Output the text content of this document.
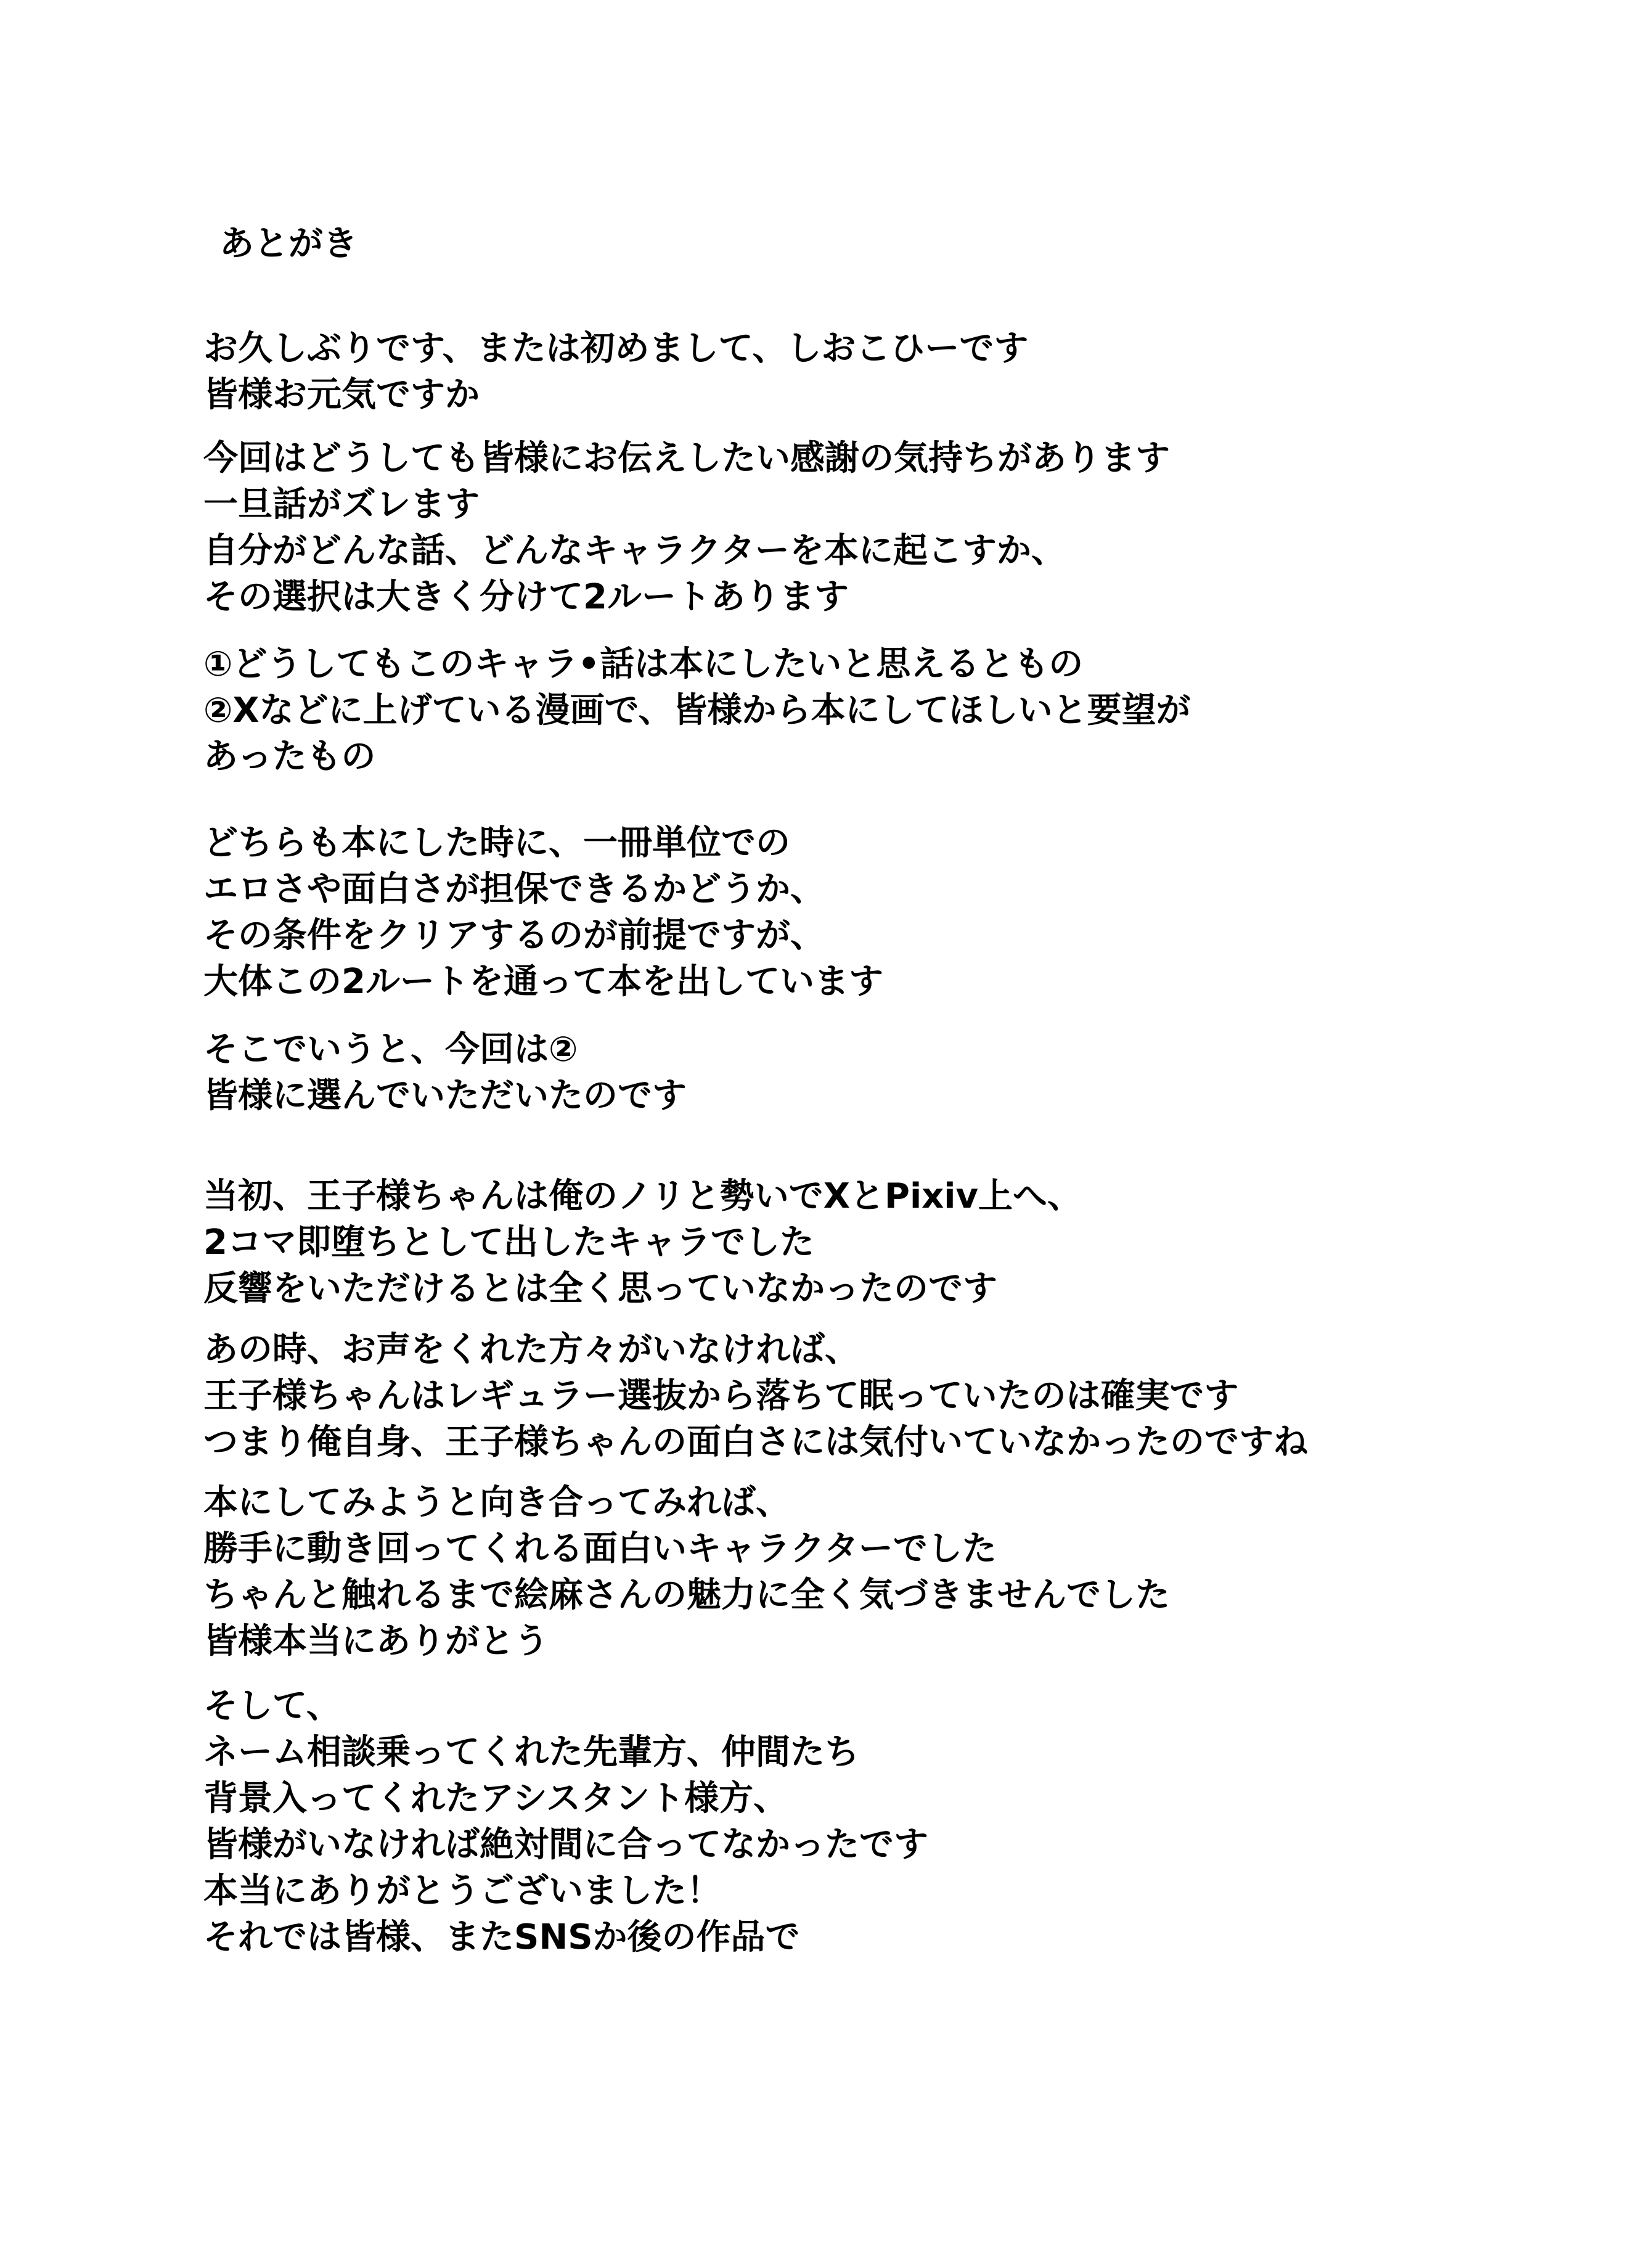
あとがき
お久しぶりです、または初めまして、しおこひーです
皆様お元気ですか
今回はどうしても皆様にお伝えしたい感謝の気持ちがあります
一旦話がズレます
自分がどんな話、どんなキャラクターを本に起こすか、
その選択は大きく分けて2ルートあります
①どうしてもこのキャラ•話は本にしたいと思えるともの
②Xなどに上げている漫画で、皆様から本にしてほしいと要望が
あったもの
どちらも本にした時に、一冊単位での
エロさや面白さが担保できるかどうか、
その条件をクリアするのが前提ですが、
大体この2ルートを通って本を出しています
そこでいうと、今回は②
皆様に選んでいただいたのです
当初、王子様ちゃんは俺のノリと勢いでXとPixiv上へ、
2コマ即堕ちとして出したキャラでした
反響をいただけるとは全く思っていなかったのです
あの時、お声をくれた方々がいなければ、
王子様ちゃんはレギュラー選抜から落ちて眠っていたのは確実です
つまり俺自身、王子様ちゃんの面白さには気付いていなかったのですね
本にしてみようと向き合ってみれば、
勝手に動き回ってくれる面白いキャラクターでした
ちゃんと触れるまで絵麻さんの魅力に全く気づきませんでした
皆様本当にありがとう
そして、
ネーム相談乗ってくれた先輩方、仲間たち
背景入ってくれたアシスタント様方、
皆様がいなければ絶対間に合ってなかったです
本当にありがとうございました！
それでは皆様、またSNSか後の作品で
